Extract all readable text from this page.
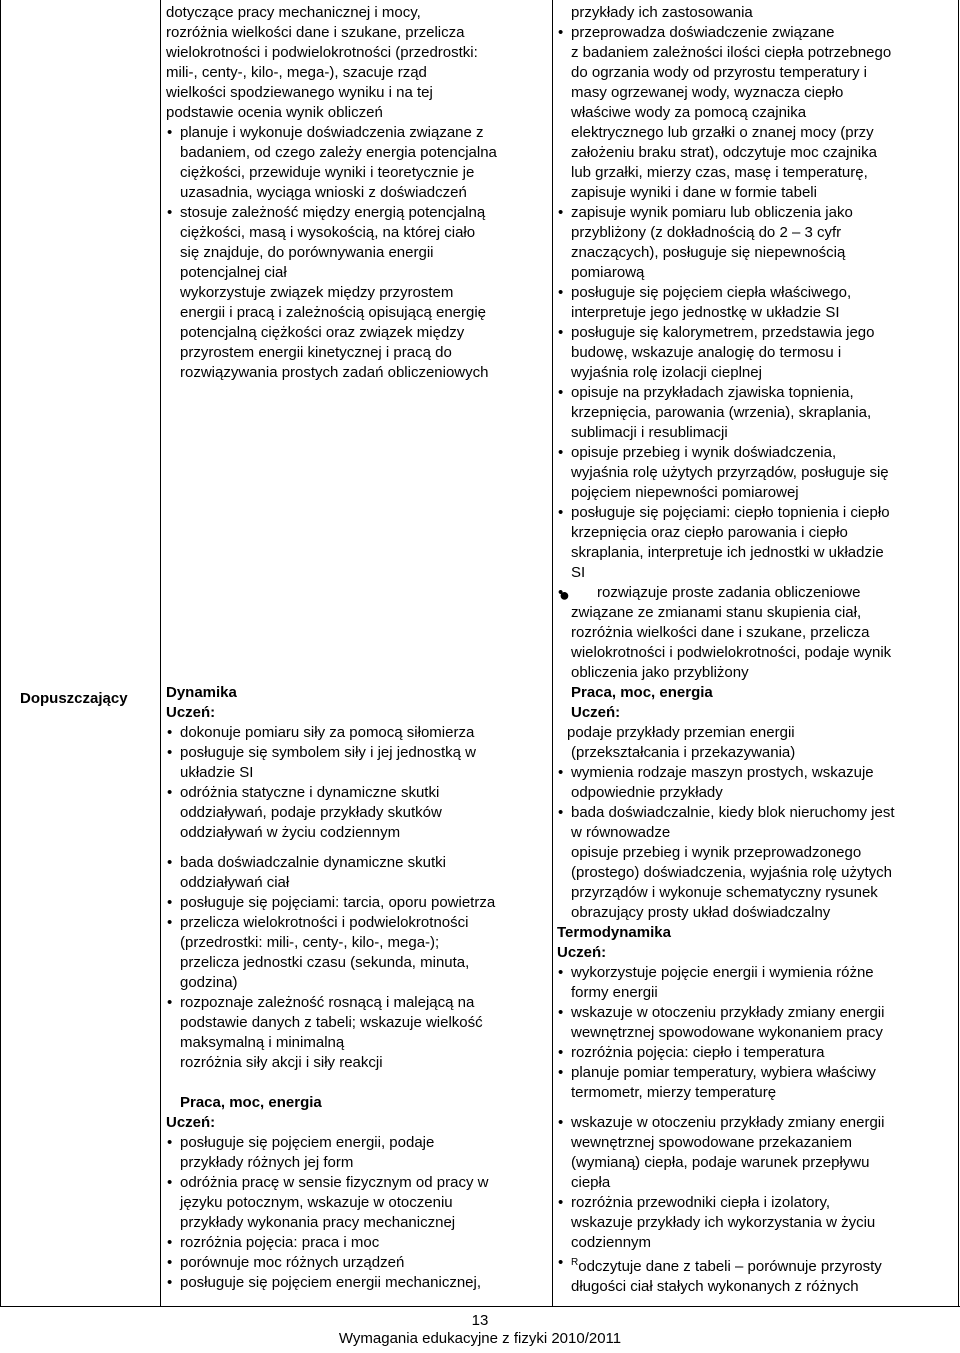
Dopuszczający

dotyczące pracy mechanicznej i mocy,

rozróżnia wielkości dane i szukane, przelicza

wielokrotności i podwielokrotności (przedrostki:

mili-, centy-, kilo-, mega-), szacuje rząd

wielkości spodziewanego wyniku i na tej

podstawie ocenia wynik obliczeń

• planuje i wykonuje doświadczenia związane z

badaniem, od czego zależy energia potencjalna

ciężkości, przewiduje wyniki i teoretycznie je

uzasadnia, wyciąga wnioski z doświadczeń

• stosuje zależność między energią potencjalną

ciężkości, masą i wysokością, na której ciało

się znajduje, do porównywania energii

potencjalnej ciał

wykorzystuje związek między przyrostem

energii i pracą i zależnością opisującą energię

potencjalną ciężkości oraz związek między

przyrostem energii kinetycznej i pracą do

rozwiązywania prostych zadań obliczeniowych

Dynamika

Uczeń:

• dokonuje pomiaru siły za pomocą siłomierza

• posługuje się symbolem siły i jej jednostką w

układzie SI

• odróżnia statyczne i dynamiczne skutki

oddziaływań, podaje przykłady skutków

oddziaływań w życiu codziennym

• bada doświadczalnie dynamiczne skutki

oddziaływań ciał

• posługuje się pojęciami: tarcia, oporu powietrza

• przelicza wielokrotności i podwielokrotności

(przedrostki: mili-, centy-, kilo-, mega-);

przelicza jednostki czasu (sekunda, minuta,

godzina)

• rozpoznaje zależność rosnącą i malejącą na

podstawie danych z tabeli; wskazuje wielkość

maksymalną i minimalną

rozróżnia siły akcji i siły reakcji

Praca, moc, energia

Uczeń:

• posługuje się pojęciem energii, podaje

przykłady różnych jej form

• odróżnia pracę w sensie fizycznym od pracy w

języku potocznym, wskazuje w otoczeniu

przykłady wykonania pracy mechanicznej

• rozróżnia pojęcia: praca i moc

• porównuje moc różnych urządzeń

• posługuje się pojęciem energii mechanicznej,

przykłady ich zastosowania

• przeprowadza doświadczenie związane

z badaniem zależności ilości ciepła potrzebnego

do ogrzania wody od przyrostu temperatury i

masy ogrzewanej wody, wyznacza ciepło

właściwe wody za pomocą czajnika

elektrycznego lub grzałki o znanej mocy (przy

założeniu braku strat), odczytuje moc czajnika

lub grzałki, mierzy czas, masę i temperaturę,

zapisuje wyniki i dane w formie tabeli

• zapisuje wynik pomiaru lub obliczenia jako

przybliżony (z dokładnością do 2 – 3 cyfr

znaczących), posługuje się niepewnością

pomiarową

• posługuje się pojęciem ciepła właściwego,

interpretuje jego jednostkę w układzie SI

• posługuje się kalorymetrem, przedstawia jego

budowę, wskazuje analogię do termosu i

wyjaśnia rolę izolacji cieplnej

• opisuje na przykładach zjawiska topnienia,

krzepnięcia, parowania (wrzenia), skraplania,

sublimacji i resublimacji

• opisuje przebieg i wynik doświadczenia,

wyjaśnia rolę użytych przyrządów, posługuje się

pojęciem niepewności pomiarowej

• posługuje się pojęciami: ciepło topnienia i ciepło

krzepnięcia oraz ciepło parowania i ciepło

skraplania, interpretuje ich jednostki w układzie

SI

• ●	rozwiązuje proste zadania obliczeniowe

związane ze zmianami stanu skupienia ciał,

rozróżnia wielkości dane i szukane, przelicza

wielokrotności i podwielokrotności, podaje wynik

obliczenia jako przybliżony

Praca, moc, energia

Uczeń:

podaje przykłady przemian energii

(przekształcania i przekazywania)

• wymienia rodzaje maszyn prostych, wskazuje

odpowiednie przykłady

• bada doświadczalnie, kiedy blok nieruchomy jest

w równowadze

opisuje przebieg i wynik przeprowadzonego

(prostego) doświadczenia, wyjaśnia rolę użytych

przyrządów i wykonuje schematyczny rysunek

obrazujący prosty układ doświadczalny

Termodynamika

Uczeń:

• wykorzystuje pojęcie energii i wymienia różne

formy energii

• wskazuje w otoczeniu przykłady zmiany energii

wewnętrznej spowodowane wykonaniem pracy

• rozróżnia pojęcia: ciepło i temperatura

• planuje pomiar temperatury, wybiera właściwy

termometr, mierzy temperaturę

• wskazuje w otoczeniu przykłady zmiany energii

wewnętrznej spowodowane przekazaniem

(wymianą) ciepła, podaje warunek przepływu

ciepła

• rozróżnia przewodniki ciepła i izolatory,

wskazuje przykłady ich wykorzystania w życiu

codziennym

• $^R$odczytuje dane z tabeli – porównuje przyrosty

długości ciał stałych wykonanych z różnych

13
Wymagania edukacyjne z fizyki 2010/2011
